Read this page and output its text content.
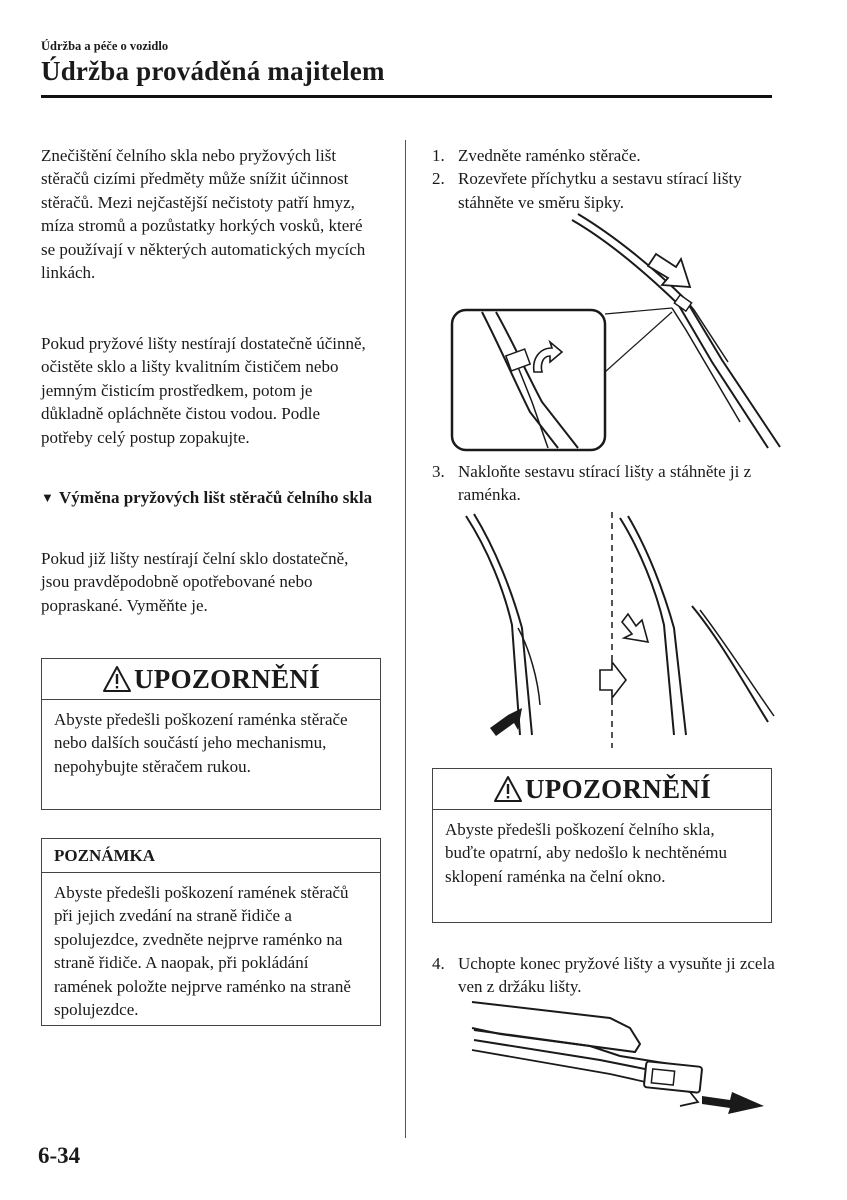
Údržba a péče o vozidlo
Údržba prováděná majitelem
Znečištění čelního skla nebo pryžových lišt stěračů cizími předměty může snížit účinnost stěračů. Mezi nejčastější nečistoty patří hmyz, míza stromů a pozůstatky horkých vosků, které se používají v některých automatických mycích linkách.
Pokud pryžové lišty nestírají dostatečně účinně, očistěte sklo a lišty kvalitním čističem nebo jemným čisticím prostředkem, potom je důkladně opláchněte čistou vodou. Podle potřeby celý postup zopakujte.
▼ Výměna pryžových lišt stěračů čelního skla
Pokud již lišty nestírají čelní sklo dostatečně, jsou pravděpodobně opotřebované nebo popraskané. Vyměňte je.
UPOZORNĚNÍ
Abyste předešli poškození raménka stěrače nebo dalších součástí jeho mechanismu, nepohybujte stěračem rukou.
POZNÁMKA
Abyste předešli poškození ramének stěračů při jejich zvedání na straně řidiče a spolujezdce, zvedněte nejprve raménko na straně řidiče. A naopak, při pokládání ramének položte nejprve raménko na straně spolujezdce.
1. Zvedněte raménko stěrače.
2. Rozevřete příchytku a sestavu stírací lišty stáhněte ve směru šipky.
3. Nakloňte sestavu stírací lišty a stáhněte ji z raménka.
UPOZORNĚNÍ
Abyste předešli poškození čelního skla, buďte opatrní, aby nedošlo k nechtěnému sklopení raménka na čelní okno.
4. Uchopte konec pryžové lišty a vysuňte ji zcela ven z držáku lišty.
6-34
